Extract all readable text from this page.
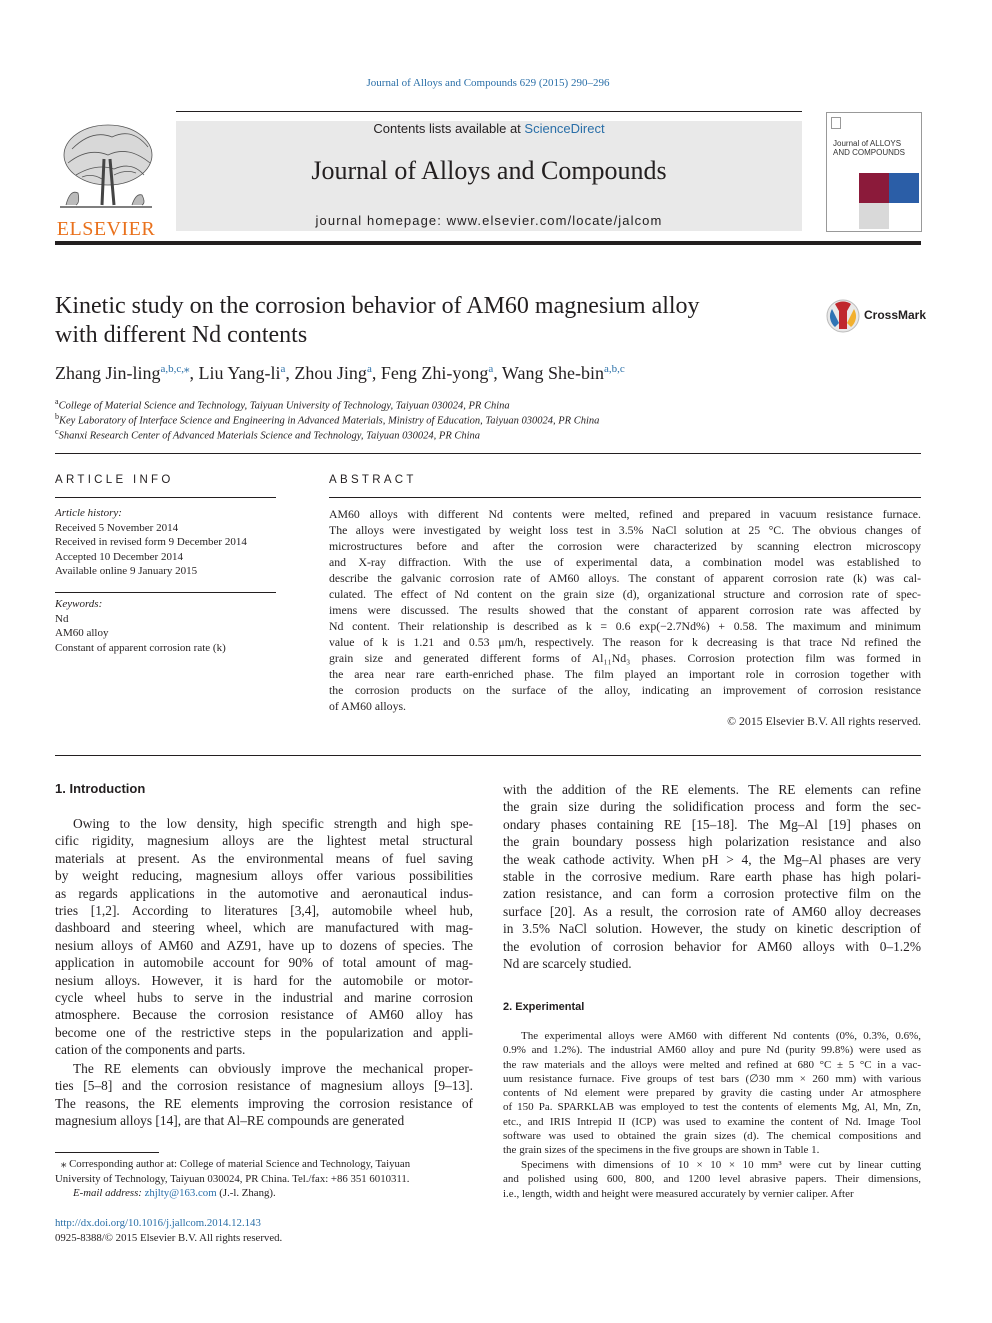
Journal of Alloys and Compounds 629 (2015) 290–296
Contents lists available at ScienceDirect
Journal of Alloys and Compounds
journal homepage: www.elsevier.com/locate/jalcom
ELSEVIER
Journal of ALLOYS AND COMPOUNDS
Kinetic study on the corrosion behavior of AM60 magnesium alloy
with different Nd contents
CrossMark
Zhang Jin-ling$^{a,b,c,⁎}$, Liu Yang-$li^a$, Zhou Jing$^a$, Feng Zhi-yong$^a$, Wang She-bin$^{a,b,c}$
$^a$College of Material Science and Technology, Taiyuan University of Technology, Taiyuan 030024, PR China
$^b$Key Laboratory of Interface Science and Engineering in Advanced Materials, Ministry of Education, Taiyuan 030024, PR China
$^c$Shanxi Research Center of Advanced Materials Science and Technology, Taiyuan 030024, PR China
ARTICLE INFO
Article history:
Received 5 November 2014
Received in revised form 9 December 2014
Accepted 10 December 2014
Available online 9 January 2015
Keywords:
Nd
AM60 alloy
Constant of apparent corrosion rate (k)
ABSTRACT
AM60 alloys with different Nd contents were melted, refined and prepared in vacuum resistance furnace.
The alloys were investigated by weight loss test in 3.5% NaCl solution at 25 °C. The obvious changes of
microstructures before and after the corrosion were characterized by scanning electron microscopy
and X-ray diffraction. With the use of experimental data, a combination model was established to
describe the galvanic corrosion rate of AM60 alloys. The constant of apparent corrosion rate (k) was cal-
culated. The effect of Nd content on the grain size (d), organizational structure and corrosion rate of spec-
imens were discussed. The results showed that the constant of apparent corrosion rate was affected by
Nd content. Their relationship is described as k = 0.6 exp(−2.7Nd%) + 0.58. The maximum and minimum
value of k is 1.21 and 0.53 μm/h, respectively. The reason for k decreasing is that trace Nd refined the
grain size and generated different forms of Al₁₁Nd₃ phases. Corrosion protection film was formed in
the area near rare earth-enriched phase. The film played an important role in corrosion together with
the corrosion products on the surface of the alloy, indicating an improvement of corrosion resistance
of AM60 alloys.
© 2015 Elsevier B.V. All rights reserved.
1. Introduction
Owing to the low density, high specific strength and high spe-
cific rigidity, magnesium alloys are the lightest metal structural
materials at present. As the environmental means of fuel saving
by weight reducing, magnesium alloys offer various possibilities
as regards applications in the automotive and aeronautical indus-
tries [1,2]. According to literatures [3,4], automobile wheel hub,
dashboard and steering wheel, which are manufactured with mag-
nesium alloys of AM60 and AZ91, have up to dozens of species. The
application in automobile account for 90% of total amount of mag-
nesium alloys. However, it is hard for the automobile or motor-
cycle wheel hubs to serve in the industrial and marine corrosion
atmosphere. Because the corrosion resistance of AM60 alloy has
become one of the restrictive steps in the popularization and appli-
cation of the components and parts.
The RE elements can obviously improve the mechanical proper-
ties [5–8] and the corrosion resistance of magnesium alloys [9–13].
The reasons, the RE elements improving the corrosion resistance of
magnesium alloys [14], are that Al–RE compounds are generated
⁎ Corresponding author at: College of material Science and Technology, Taiyuan
University of Technology, Taiyuan 030024, PR China. Tel./fax: +86 351 6010311.
E-mail address: zhjlty@163.com (J.-l. Zhang).
http://dx.doi.org/10.1016/j.jallcom.2014.12.143
0925-8388/© 2015 Elsevier B.V. All rights reserved.
with the addition of the RE elements. The RE elements can refine
the grain size during the solidification process and form the sec-
ondary phases containing RE [15–18]. The Mg–Al [19] phases on
the grain boundary possess high polarization resistance and also
the weak cathode activity. When pH > 4, the Mg–Al phases are very
stable in the corrosive medium. Rare earth phase has high polari-
zation resistance, and can form a corrosion protective film on the
surface [20]. As a result, the corrosion rate of AM60 alloy decreases
in 3.5% NaCl solution. However, the study on kinetic description of
the evolution of corrosion behavior for AM60 alloys with 0–1.2%
Nd are scarcely studied.
2. Experimental
The experimental alloys were AM60 with different Nd contents (0%, 0.3%, 0.6%,
0.9% and 1.2%). The industrial AM60 alloy and pure Nd (purity 99.8%) were used as
the raw materials and the alloys were melted and refined at 680 °C ± 5 °C in a vac-
uum resistance furnace. Five groups of test bars (∅30 mm × 260 mm) with various
contents of Nd element were prepared by gravity die casting under Ar atmosphere
of 150 Pa. SPARKLAB was employed to test the contents of elements Mg, Al, Mn, Zn,
etc., and IRIS Intrepid II (ICP) was used to examine the content of Nd. Image Tool
software was used to obtained the grain sizes (d). The chemical compositions and
the grain sizes of the specimens in the five groups are shown in Table 1.
Specimens with dimensions of 10 × 10 × 10 mm³ were cut by linear cutting
and polished using 600, 800, and 1200 level abrasive papers. Their dimensions,
i.e., length, width and height were measured accurately by vernier caliper. After
